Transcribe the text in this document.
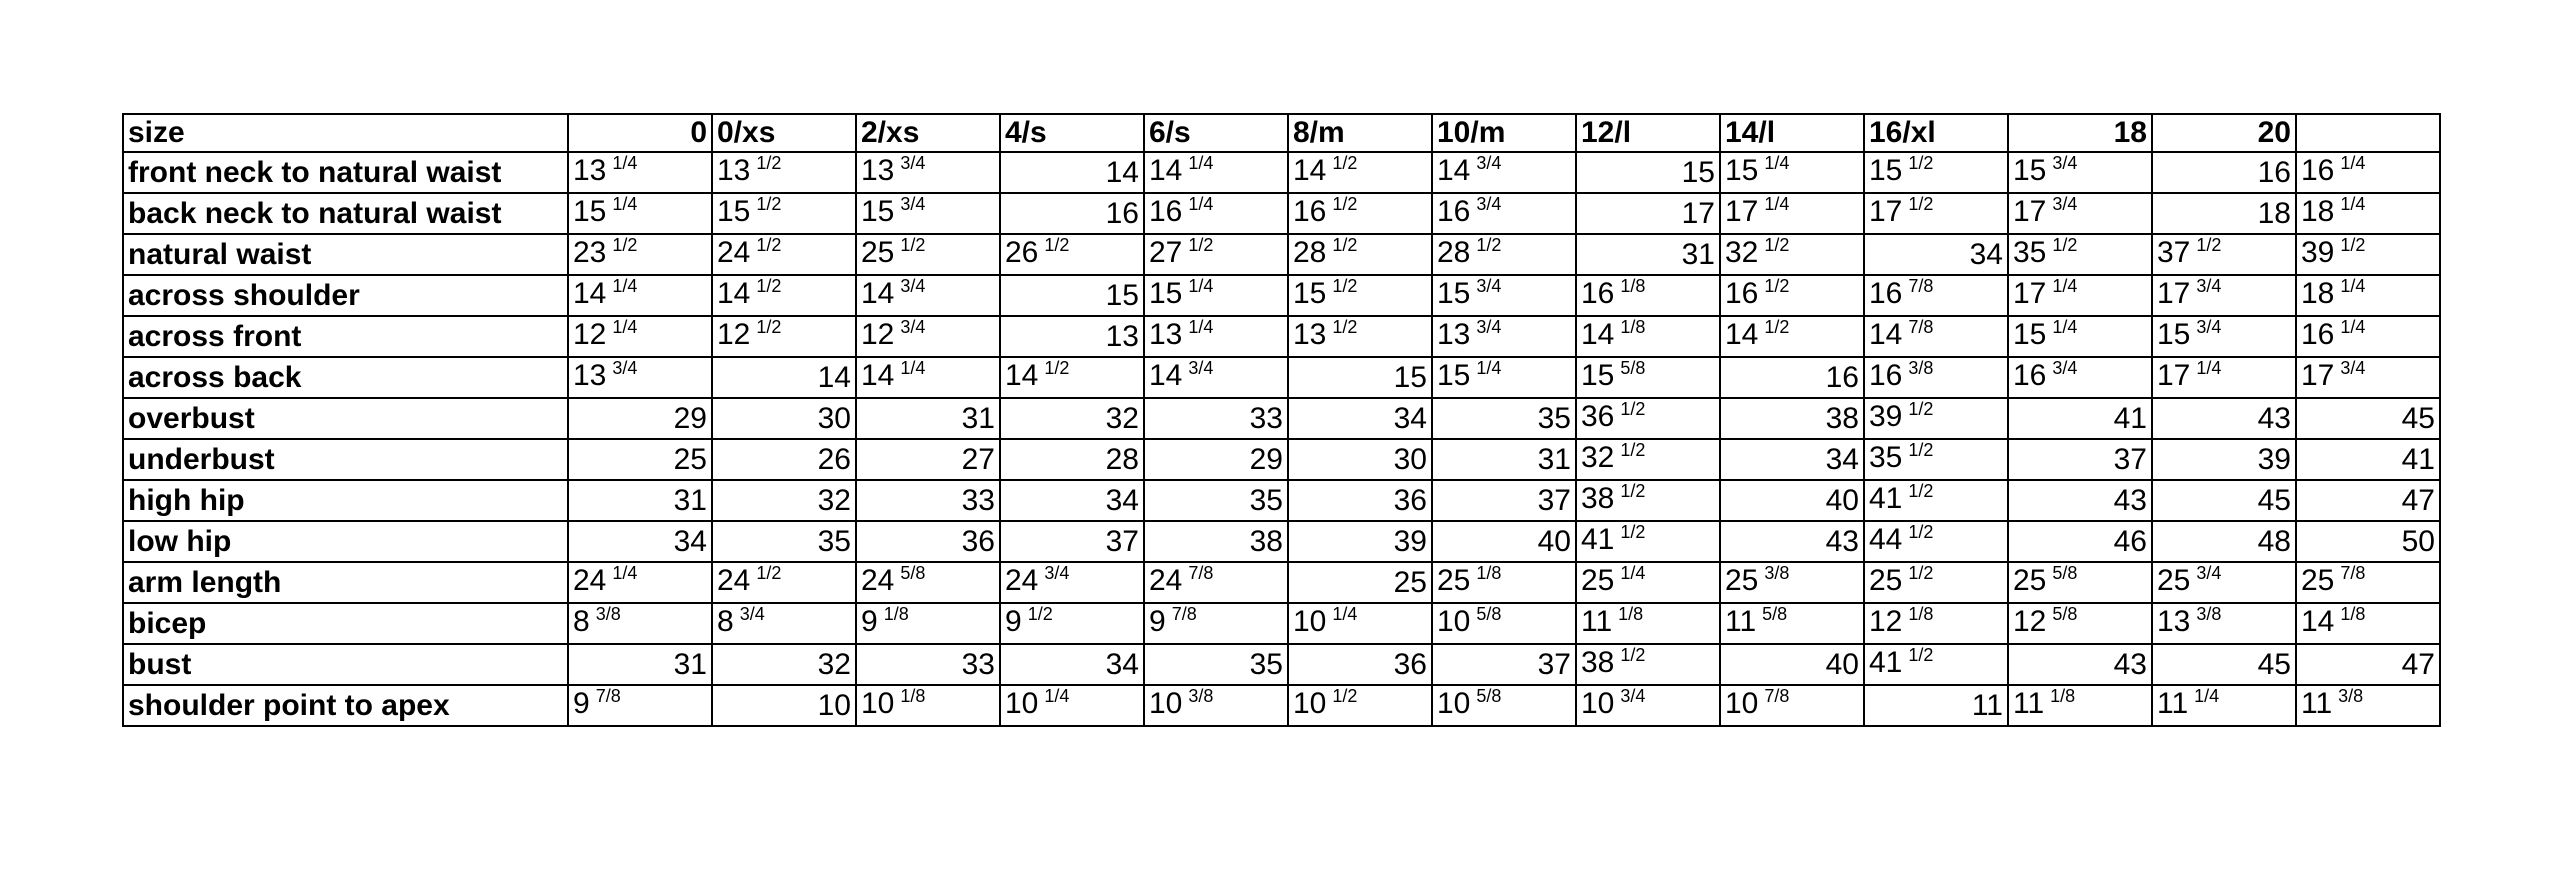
size	0	0/xs	2/xs	4/s	6/s	8/m	10/m	12/l	14/l	16/xl	18	20	
front neck to natural waist	13 $^{1/4}$	13 $^{1/2}$	13 $^{3/4}$	14	14 $^{1/4}$	14 $^{1/2}$	14 $^{3/4}$	15	15 $^{1/4}$	15 $^{1/2}$	15 $^{3/4}$	16	16 $^{1/4}$
back neck to natural waist	15 $^{1/4}$	15 $^{1/2}$	15 $^{3/4}$	16	16 $^{1/4}$	16 $^{1/2}$	16 $^{3/4}$	17	17 $^{1/4}$	17 $^{1/2}$	17 $^{3/4}$	18	18 $^{1/4}$
natural waist	23 $^{1/2}$	24 $^{1/2}$	25 $^{1/2}$	26 $^{1/2}$	27 $^{1/2}$	28 $^{1/2}$	28 $^{1/2}$	31	32 $^{1/2}$	34	35 $^{1/2}$	37 $^{1/2}$	39 $^{1/2}$
across shoulder	14 $^{1/4}$	14 $^{1/2}$	14 $^{3/4}$	15	15 $^{1/4}$	15 $^{1/2}$	15 $^{3/4}$	16 $^{1/8}$	16 $^{1/2}$	16 $^{7/8}$	17 $^{1/4}$	17 $^{3/4}$	18 $^{1/4}$
across front	12 $^{1/4}$	12 $^{1/2}$	12 $^{3/4}$	13	13 $^{1/4}$	13 $^{1/2}$	13 $^{3/4}$	14 $^{1/8}$	14 $^{1/2}$	14 $^{7/8}$	15 $^{1/4}$	15 $^{3/4}$	16 $^{1/4}$
across back	13 $^{3/4}$	14	14 $^{1/4}$	14 $^{1/2}$	14 $^{3/4}$	15	15 $^{1/4}$	15 $^{5/8}$	16	16 $^{3/8}$	16 $^{3/4}$	17 $^{1/4}$	17 $^{3/4}$
overbust	29	30	31	32	33	34	35	36 $^{1/2}$	38	39 $^{1/2}$	41	43	45
underbust	25	26	27	28	29	30	31	32 $^{1/2}$	34	35 $^{1/2}$	37	39	41
high hip	31	32	33	34	35	36	37	38 $^{1/2}$	40	41 $^{1/2}$	43	45	47
low hip	34	35	36	37	38	39	40	41 $^{1/2}$	43	44 $^{1/2}$	46	48	50
arm length	24 $^{1/4}$	24 $^{1/2}$	24 $^{5/8}$	24 $^{3/4}$	24 $^{7/8}$	25	25 $^{1/8}$	25 $^{1/4}$	25 $^{3/8}$	25 $^{1/2}$	25 $^{5/8}$	25 $^{3/4}$	25 $^{7/8}$
bicep	8 $^{3/8}$	8 $^{3/4}$	9 $^{1/8}$	9 $^{1/2}$	9 $^{7/8}$	10 $^{1/4}$	10 $^{5/8}$	11 $^{1/8}$	11 $^{5/8}$	12 $^{1/8}$	12 $^{5/8}$	13 $^{3/8}$	14 $^{1/8}$
bust	31	32	33	34	35	36	37	38 $^{1/2}$	40	41 $^{1/2}$	43	45	47
shoulder point to apex	9 $^{7/8}$	10	10 $^{1/8}$	10 $^{1/4}$	10 $^{3/8}$	10 $^{1/2}$	10 $^{5/8}$	10 $^{3/4}$	10 $^{7/8}$	11	11 $^{1/8}$	11 $^{1/4}$	11 $^{3/8}$
